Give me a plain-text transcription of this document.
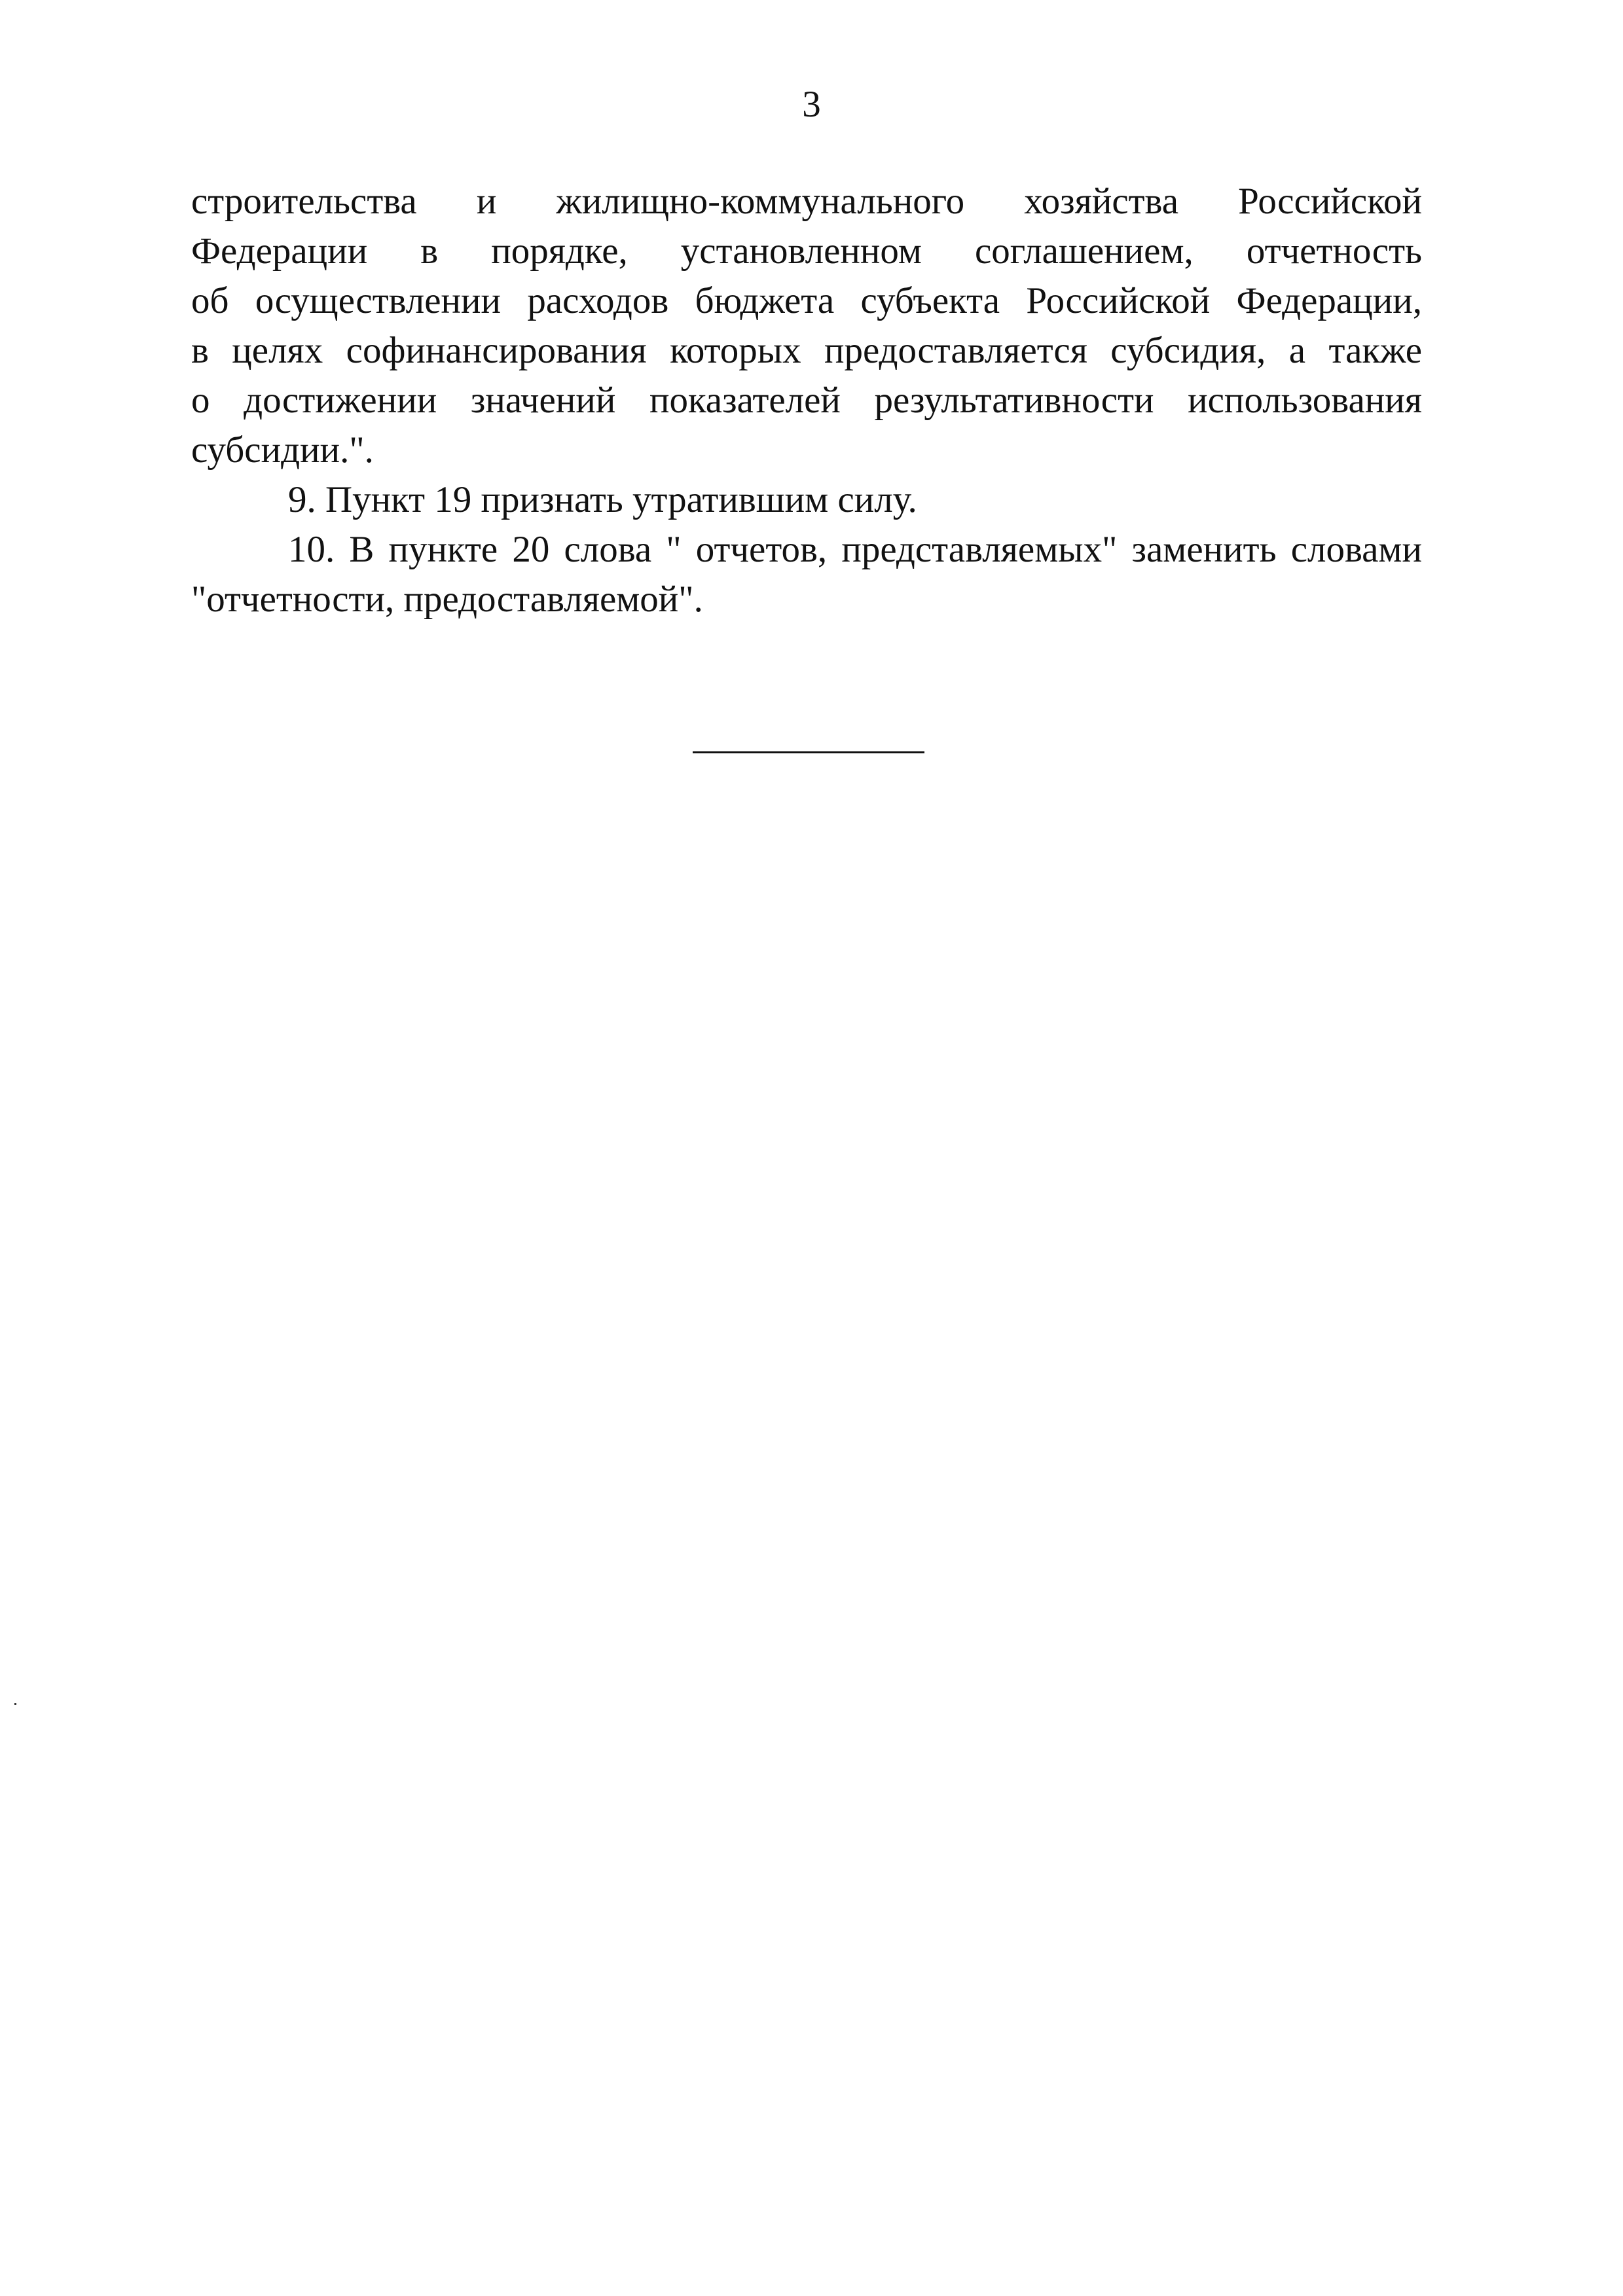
3
строительства и жилищно-коммунального хозяйства Российской
Федерации в порядке, установленном соглашением, отчетность
об осуществлении расходов бюджета субъекта Российской Федерации,
в целях софинансирования которых предоставляется субсидия, а также
о достижении значений показателей результативности использования
субсидии.".
9. Пункт 19 признать утратившим силу.
10. В пункте 20 слова " отчетов, представляемых" заменить словами
"отчетности, предоставляемой".
